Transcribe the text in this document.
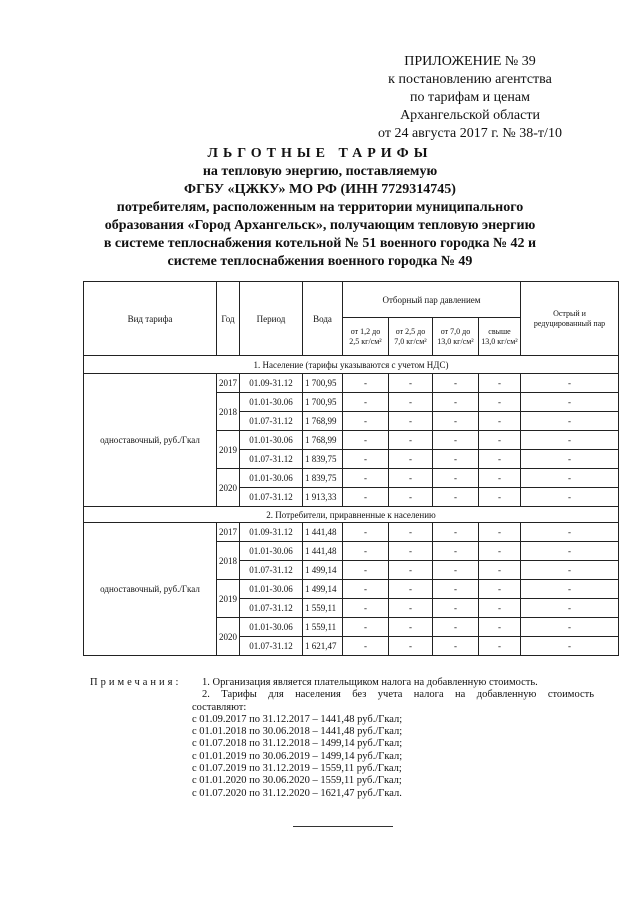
ПРИЛОЖЕНИЕ № 39
к постановлению агентства
по тарифам и ценам
Архангельской области
от 24 августа 2017 г. № 38-т/10
ЛЬГОТНЫЕ ТАРИФЫ
на тепловую энергию, поставляемую
ФГБУ «ЦЖКУ» МО РФ (ИНН 7729314745)
потребителям, расположенным на территории муниципального
образования «Город Архангельск», получающим тепловую энергию
в системе теплоснабжения котельной № 51 военного городка № 42 и
системе теплоснабжения военного городка № 49
Вид тарифа	Год	Период	Вода	Отборный пар давлением				Острый и редуцированный пар

				от 1,2 до 2,5 кг/см²	от 2,5 до 7,0 кг/см²	от 7,0 до 13,0 кг/см²	свыше 13,0 кг/см²	

1. Население (тарифы указываются с учетом НДС)								
одноставочный, руб./Гкал	2017	01.09-31.12	1 700,95	-	-	-	-	-
	2018	01.01-30.06	1 700,95	-	-	-	-	-
		01.07-31.12	1 768,99	-	-	-	-	-
	2019	01.01-30.06	1 768,99	-	-	-	-	-
		01.07-31.12	1 839,75	-	-	-	-	-
	2020	01.01-30.06	1 839,75	-	-	-	-	-
		01.07-31.12	1 913,33	-	-	-	-	-
2. Потребители, приравненные к населению								
одноставочный, руб./Гкал	2017	01.09-31.12	1 441,48	-	-	-	-	-
	2018	01.01-30.06	1 441,48	-	-	-	-	-
		01.07-31.12	1 499,14	-	-	-	-	-
	2019	01.01-30.06	1 499,14	-	-	-	-	-
		01.07-31.12	1 559,11	-	-	-	-	-
	2020	01.01-30.06	1 559,11	-	-	-	-	-
		01.07-31.12	1 621,47	-	-	-	-	-
Примечания: 1. Организация является плательщиком налога на добавленную стоимость.
2. Тарифы для населения без учета налога на добавленную стоимость
составляют:
с 01.09.2017 по 31.12.2017 – 1441,48 руб./Гкал;
с 01.01.2018 по 30.06.2018 – 1441,48 руб./Гкал;
с 01.07.2018 по 31.12.2018 – 1499,14 руб./Гкал;
с 01.01.2019 по 30.06.2019 – 1499,14 руб./Гкал;
с 01.07.2019 по 31.12.2019 – 1559,11 руб./Гкал;
с 01.01.2020 по 30.06.2020 – 1559,11 руб./Гкал;
с 01.07.2020 по 31.12.2020 – 1621,47 руб./Гкал.
